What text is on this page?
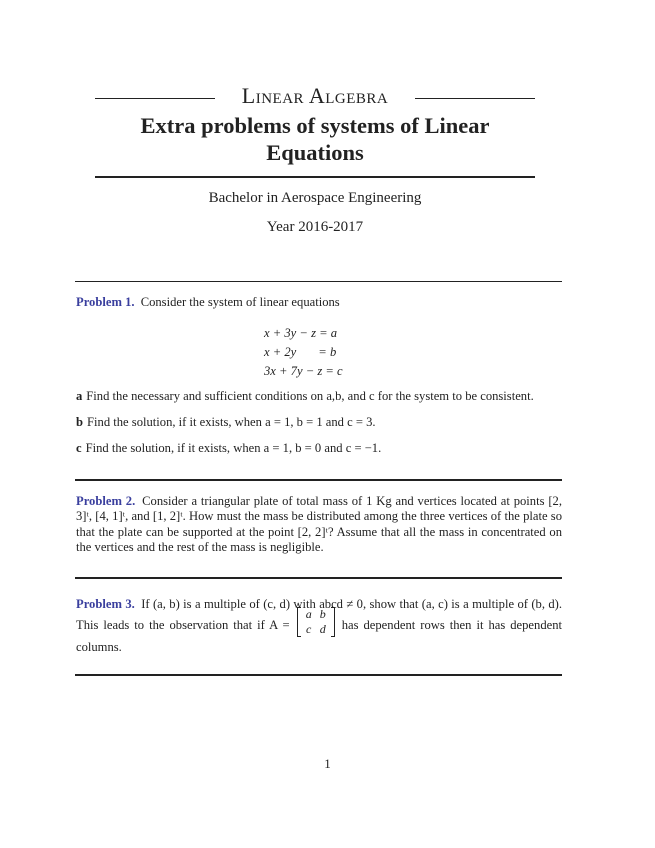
Linear Algebra
Extra problems of systems of Linear Equations
Bachelor in Aerospace Engineering
Year 2016-2017
Problem 1. Consider the system of linear equations
x + 3y − z = a
x + 2y       = b
3x + 7y − z = c
a Find the necessary and sufficient conditions on a,b, and c for the system to be consistent.
b Find the solution, if it exists, when a = 1, b = 1 and c = 3.
c Find the solution, if it exists, when a = 1, b = 0 and c = −1.
Problem 2. Consider a triangular plate of total mass of 1 Kg and vertices located at points [2, 3]ᵗ, [4, 1]ᵗ, and [1, 2]ᵗ. How must the mass be distributed among the three vertices of the plate so that the plate can be supported at the point [2, 2]ᵗ? Assume that all the mass in concentrated on the vertices and the rest of the mass is negligible.
Problem 3. If (a, b) is a multiple of (c, d) with abcd ≠ 0, show that (a, c) is a multiple of (b, d). This leads to the observation that if A =
a	b
c	d has dependent rows then it has dependent columns.
1
